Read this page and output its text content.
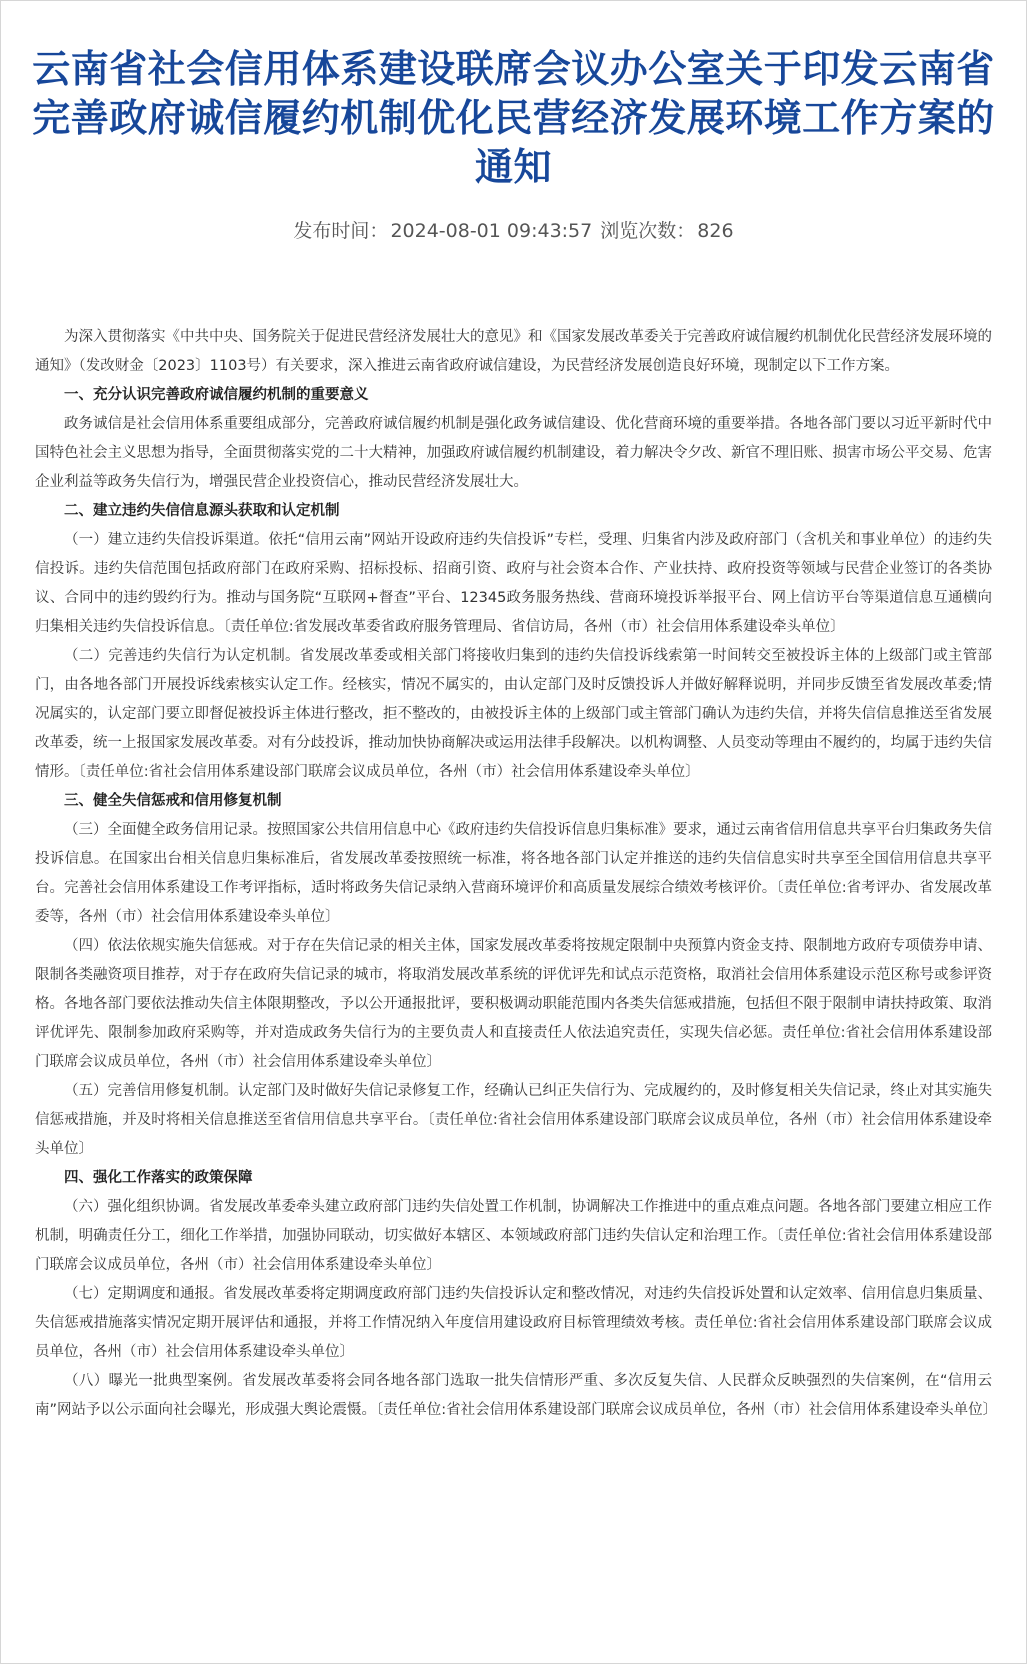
云南省社会信用体系建设联席会议办公室关于印发云南省完善政府诚信履约机制优化民营经济发展环境工作方案的通知
发布时间： 2024-08-01 09:43:57 浏览次数： 826

为深入贯彻落实《中共中央、国务院关于促进民营经济发展壮大的意见》和《国家发展改革委关于完善政府诚信履约机制优化民营经济发展环境的通知》（发改财金〔2023〕1103号）有关要求，深入推进云南省政府诚信建设，为民营经济发展创造良好环境，现制定以下工作方案。

一、充分认识完善政府诚信履约机制的重要意义

政务诚信是社会信用体系重要组成部分，完善政府诚信履约机制是强化政务诚信建设、优化营商环境的重要举措。各地各部门要以习近平新时代中国特色社会主义思想为指导，全面贯彻落实党的二十大精神，加强政府诚信履约机制建设，着力解决令夕改、新官不理旧账、损害市场公平交易、危害企业利益等政务失信行为，增强民营企业投资信心，推动民营经济发展壮大。

二、建立违约失信信息源头获取和认定机制

（一）建立违约失信投诉渠道。依托“信用云南”网站开设政府违约失信投诉”专栏，受理、归集省内涉及政府部门（含机关和事业单位）的违约失信投诉。违约失信范围包括政府部门在政府采购、招标投标、招商引资、政府与社会资本合作、产业扶持、政府投资等领域与民营企业签订的各类协议、合同中的违约毁约行为。推动与国务院“互联网+督查”平台、12345政务服务热线、营商环境投诉举报平台、网上信访平台等渠道信息互通横向归集相关违约失信投诉信息。〔责任单位:省发展改革委省政府服务管理局、省信访局，各州（市）社会信用体系建设牵头单位〕

（二）完善违约失信行为认定机制。省发展改革委或相关部门将接收归集到的违约失信投诉线索第一时间转交至被投诉主体的上级部门或主管部门，由各地各部门开展投诉线索核实认定工作。经核实，情况不属实的，由认定部门及时反馈投诉人并做好解释说明，并同步反馈至省发展改革委;情况属实的，认定部门要立即督促被投诉主体进行整改，拒不整改的，由被投诉主体的上级部门或主管部门确认为违约失信，并将失信信息推送至省发展改革委，统一上报国家发展改革委。对有分歧投诉，推动加快协商解决或运用法律手段解决。以机构调整、人员变动等理由不履约的，均属于违约失信情形。〔责任单位:省社会信用体系建设部门联席会议成员单位，各州（市）社会信用体系建设牵头单位〕

三、健全失信惩戒和信用修复机制

（三）全面健全政务信用记录。按照国家公共信用信息中心《政府违约失信投诉信息归集标准》要求，通过云南省信用信息共享平台归集政务失信投诉信息。在国家出台相关信息归集标准后，省发展改革委按照统一标准，将各地各部门认定并推送的违约失信信息实时共享至全国信用信息共享平台。完善社会信用体系建设工作考评指标，适时将政务失信记录纳入营商环境评价和高质量发展综合绩效考核评价。〔责任单位:省考评办、省发展改革委等，各州（市）社会信用体系建设牵头单位〕

（四）依法依规实施失信惩戒。对于存在失信记录的相关主体，国家发展改革委将按规定限制中央预算内资金支持、限制地方政府专项债券申请、限制各类融资项目推荐，对于存在政府失信记录的城市，将取消发展改革系统的评优评先和试点示范资格，取消社会信用体系建设示范区称号或参评资格。各地各部门要依法推动失信主体限期整改，予以公开通报批评，要积极调动职能范围内各类失信惩戒措施，包括但不限于限制申请扶持政策、取消评优评先、限制参加政府采购等，并对造成政务失信行为的主要负责人和直接责任人依法追究责任，实现失信必惩。责任单位:省社会信用体系建设部门联席会议成员单位，各州（市）社会信用体系建设牵头单位〕

（五）完善信用修复机制。认定部门及时做好失信记录修复工作，经确认已纠正失信行为、完成履约的，及时修复相关失信记录，终止对其实施失信惩戒措施，并及时将相关信息推送至省信用信息共享平台。〔责任单位:省社会信用体系建设部门联席会议成员单位，各州（市）社会信用体系建设牵头单位〕

四、强化工作落实的政策保障

（六）强化组织协调。省发展改革委牵头建立政府部门违约失信处置工作机制，协调解决工作推进中的重点难点问题。各地各部门要建立相应工作机制，明确责任分工，细化工作举措，加强协同联动，切实做好本辖区、本领域政府部门违约失信认定和治理工作。〔责任单位:省社会信用体系建设部门联席会议成员单位，各州（市）社会信用体系建设牵头单位〕

（七）定期调度和通报。省发展改革委将定期调度政府部门违约失信投诉认定和整改情况，对违约失信投诉处置和认定效率、信用信息归集质量、失信惩戒措施落实情况定期开展评估和通报，并将工作情况纳入年度信用建设政府目标管理绩效考核。责任单位:省社会信用体系建设部门联席会议成员单位，各州（市）社会信用体系建设牵头单位〕

（八）曝光一批典型案例。省发展改革委将会同各地各部门选取一批失信情形严重、多次反复失信、人民群众反映强烈的失信案例，在“信用云南”网站予以公示面向社会曝光，形成强大舆论震慑。〔责任单位:省社会信用体系建设部门联席会议成员单位，各州（市）社会信用体系建设牵头单位〕
